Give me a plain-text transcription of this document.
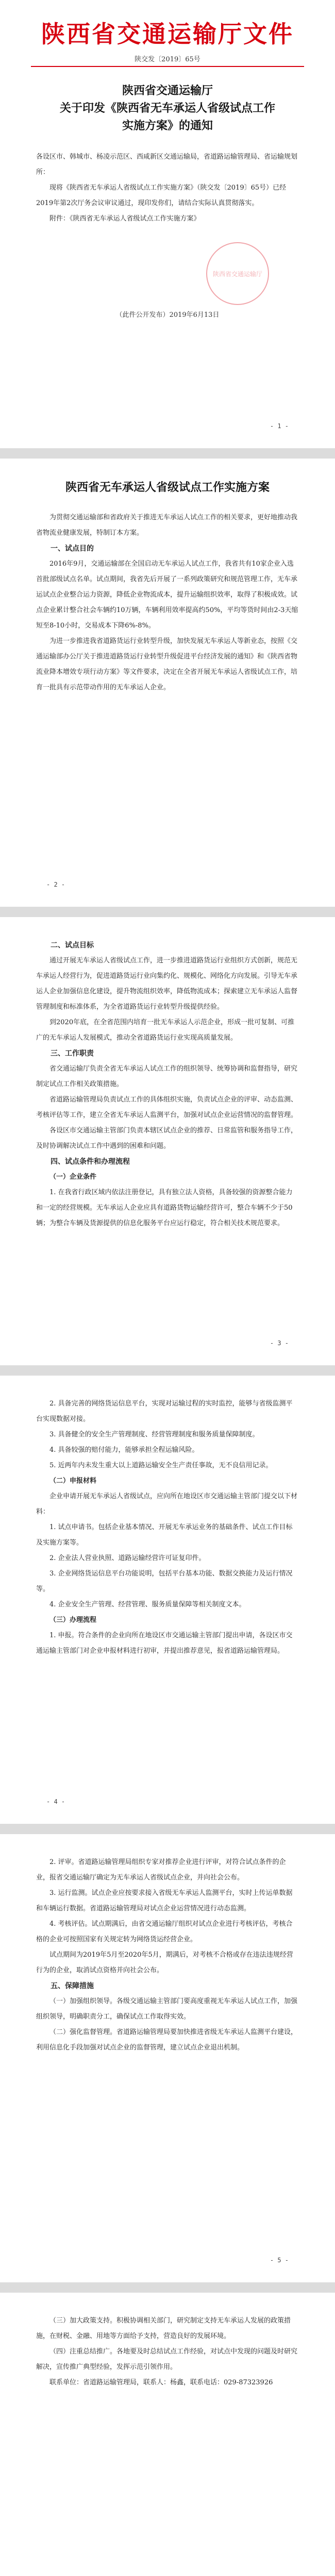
陕西省交通运输厅文件
陕交发〔2019〕65号
陕西省交通运输厅
关于印发《陕西省无车承运人省级试点工作
实施方案》的通知

各设区市、韩城市、杨凌示范区、西咸新区交通运输局，省道路运输管理局、省运输规划所：

现将《陕西省无车承运人省级试点工作实施方案》（陕交发〔2019〕65号）已经2019年第2次厅务会议审议通过，现印发你们，请结合实际认真贯彻落实。

附件：《陕西省无车承运人省级试点工作实施方案》

陕西省交通运输厅
（此件公开发布）2019年6月13日
- 1 -
陕西省无车承运人省级试点工作实施方案

为贯彻交通运输部和省政府关于推进无车承运人试点工作的相关要求，更好地推动我省物流业健康发展，特制订本方案。

一、试点目的

2016年9月，交通运输部在全国启动无车承运人试点工作，我省共有10家企业入选首批部级试点名单。试点期间，我省先后开展了一系列政策研究和规范管理工作，无车承运试点企业整合运力资源，降低企业物流成本，提升运输组织效率，取得了积极成效。试点企业累计整合社会车辆约10万辆，车辆利用效率提高约50%，平均等货时间由2-3天缩短至8-10小时，交易成本下降6%-8%。

为进一步推进我省道路货运行业转型升级，加快发展无车承运人等新业态，按照《交通运输部办公厅关于推进道路货运行业转型升级促进平台经济发展的通知》和《陕西省物流业降本增效专项行动方案》等文件要求，决定在全省开展无车承运人省级试点工作，培育一批具有示范带动作用的无车承运人企业。

- 2 -

二、试点目标

通过开展无车承运人省级试点工作，进一步推进道路货运行业组织方式创新，规范无车承运人经营行为，促进道路货运行业向集约化、规模化、网络化方向发展。引导无车承运人企业加强信息化建设，提升物流组织效率，降低物流成本；探索建立无车承运人监督管理制度和标准体系，为全省道路货运行业转型升级提供经验。

到2020年底，在全省范围内培育一批无车承运人示范企业，形成一批可复制、可推广的无车承运人发展模式，推动全省道路货运行业实现高质量发展。

三、工作职责

省交通运输厅负责全省无车承运人试点工作的组织领导、统筹协调和监督指导，研究制定试点工作相关政策措施。

省道路运输管理局负责试点工作的具体组织实施，负责试点企业的评审、动态监测、考核评估等工作，建立全省无车承运人监测平台，加强对试点企业运营情况的监督管理。

各设区市交通运输主管部门负责本辖区试点企业的推荐、日常监管和服务指导工作，及时协调解决试点工作中遇到的困难和问题。

四、试点条件和办理流程

（一）企业条件

1. 在我省行政区域内依法注册登记，具有独立法人资格，具备较强的资源整合能力和一定的经营规模。无车承运人企业应具有道路货物运输经营许可，整合车辆不少于50辆；为整合车辆及货源提供的信息化服务平台应运行稳定，符合相关技术规范要求。

- 3 -

2. 具备完善的网络货运信息平台，实现对运输过程的实时监控，能够与省级监测平台实现数据对接。

3. 具备健全的安全生产管理制度、经营管理制度和服务质量保障制度。

4. 具备较强的赔付能力，能够承担全程运输风险。

5. 近两年内未发生重大以上道路运输安全生产责任事故，无不良信用记录。

（二）申报材料

企业申请开展无车承运人省级试点，应向所在地设区市交通运输主管部门提交以下材料：

1. 试点申请书。包括企业基本情况、开展无车承运业务的基础条件、试点工作目标及实施方案等。

2. 企业法人营业执照、道路运输经营许可证复印件。

3. 企业网络货运信息平台功能说明，包括平台基本功能、数据交换能力及运行情况等。

4. 企业安全生产管理、经营管理、服务质量保障等相关制度文本。

（三）办理流程

1. 申报。符合条件的企业向所在地设区市交通运输主管部门提出申请，各设区市交通运输主管部门对企业申报材料进行初审，并提出推荐意见，报省道路运输管理局。

- 4 -

2. 评审。省道路运输管理局组织专家对推荐企业进行评审，对符合试点条件的企业，报省交通运输厅确定为无车承运人省级试点企业，并向社会公布。

3. 运行监测。试点企业应按要求接入省级无车承运人监测平台，实时上传运单数据和车辆运行数据。省道路运输管理局对试点企业运营情况进行动态监测。

4. 考核评估。试点期满后，由省交通运输厅组织对试点企业进行考核评估，考核合格的企业可按照国家有关规定转为网络货运经营企业。

试点期间为2019年5月至2020年5月，期满后，对考核不合格或存在违法违规经营行为的企业，取消试点资格并向社会公布。

五、保障措施

（一）加强组织领导。各级交通运输主管部门要高度重视无车承运人试点工作，加强组织领导，明确职责分工，确保试点工作取得实效。

（二）强化监督管理。省道路运输管理局要加快推进省级无车承运人监测平台建设，利用信息化手段加强对试点企业的监督管理，建立试点企业退出机制。

- 5 -

（三）加大政策支持。积极协调相关部门，研究制定支持无车承运人发展的政策措施，在财税、金融、用地等方面给予支持，营造良好的发展环境。

（四）注重总结推广。各地要及时总结试点工作经验，对试点中发现的问题及时研究解决，宣传推广典型经验，发挥示范引领作用。

联系单位：省道路运输管理局，联系人：杨鑫，联系电话：029-87323926
